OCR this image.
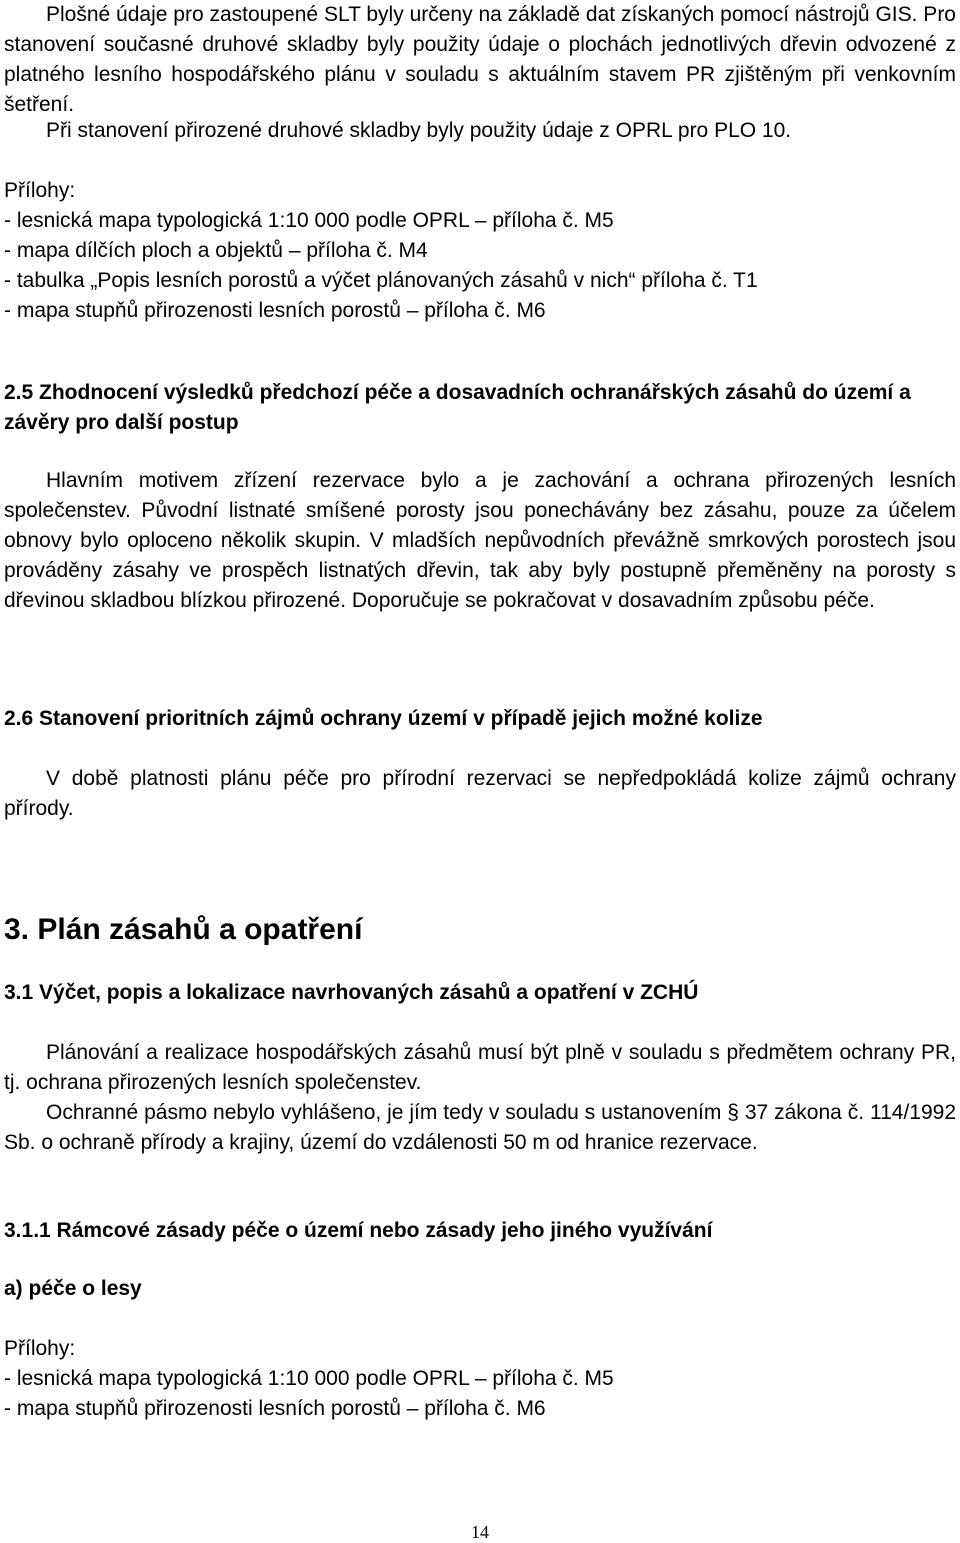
Plošné údaje pro zastoupené SLT byly určeny na základě dat získaných pomocí nástrojů GIS. Pro stanovení současné druhové skladby byly použity údaje o plochách jednotlivých dřevin odvozené z platného lesního hospodářského plánu v souladu s aktuálním stavem PR zjištěným při venkovním šetření.

Při stanovení přirozené druhové skladby byly použity údaje z OPRL pro PLO 10.

Přílohy:

- lesnická mapa typologická 1:10 000 podle OPRL – příloha č. M5

- mapa dílčích ploch a objektů – příloha č. M4

- tabulka „Popis lesních porostů a výčet plánovaných zásahů v nich“ příloha č. T1

- mapa stupňů přirozenosti lesních porostů – příloha č. M6

2.5 Zhodnocení výsledků předchozí péče a dosavadních ochranářských zásahů do území a závěry pro další postup

Hlavním motivem zřízení rezervace bylo a je zachování a ochrana přirozených lesních společenstev. Původní listnaté smíšené porosty jsou ponechávány bez zásahu, pouze za účelem obnovy bylo oploceno několik skupin. V mladších nepůvodních převážně smrkových porostech jsou prováděny zásahy ve prospěch listnatých dřevin, tak aby byly postupně přeměněny na porosty s dřevinou skladbou blízkou přirozené. Doporučuje se pokračovat v dosavadním způsobu péče.

2.6 Stanovení prioritních zájmů ochrany území v případě jejich možné kolize

V době platnosti plánu péče pro přírodní rezervaci se nepředpokládá kolize zájmů ochrany přírody.

3. Plán zásahů a opatření

3.1 Výčet, popis a lokalizace navrhovaných zásahů a opatření v ZCHÚ

Plánování a realizace hospodářských zásahů musí být plně v souladu s předmětem ochrany PR, tj. ochrana přirozených lesních společenstev.

Ochranné pásmo nebylo vyhlášeno, je jím tedy v souladu s ustanovením § 37 zákona č. 114/1992 Sb. o ochraně přírody a krajiny, území do vzdálenosti 50 m od hranice rezervace.

3.1.1 Rámcové zásady péče o území nebo zásady jeho jiného využívání

a) péče o lesy

Přílohy:

- lesnická mapa typologická 1:10 000 podle OPRL – příloha č. M5

- mapa stupňů přirozenosti lesních porostů – příloha č. M6

14
